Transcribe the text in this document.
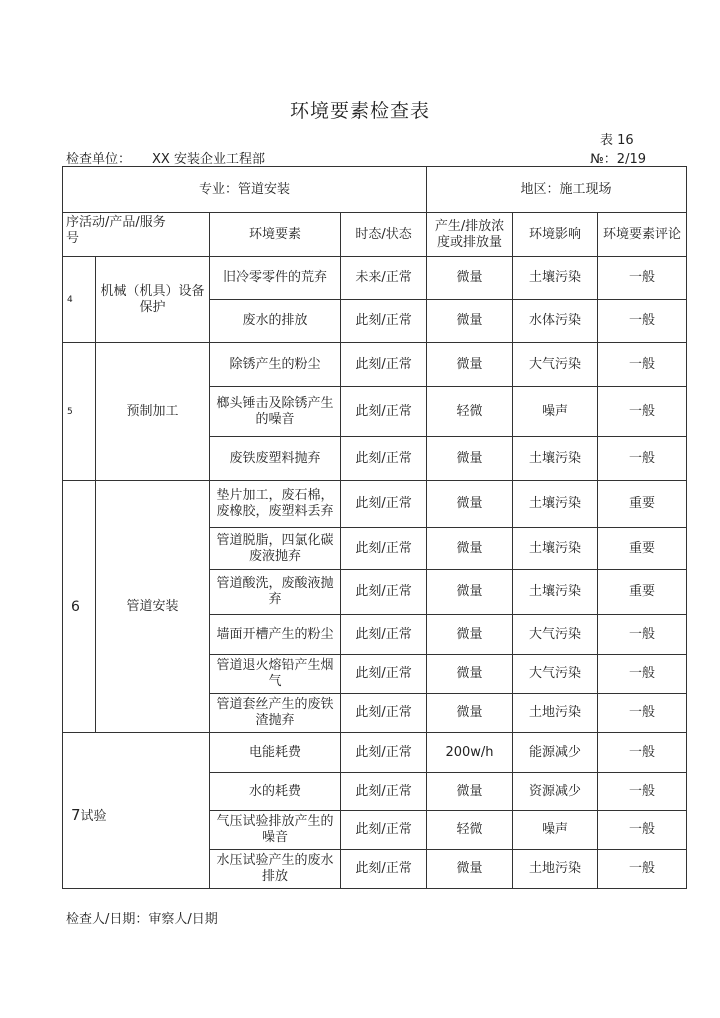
环境要素检查表
表 16
检查单位： XX 安装企业工程部	№：2/19
专业：管道安装				地区：施工现场		

序活动/产品/服务
号		环境要素	时态/状态	产生/排放浓度或排放量	环境影响	环境要素评论
4	机械（机具）设备保护	旧冷零零件的荒弃	未来/正常	微量	土壤污染	一般
		废水的排放	此刻/正常	微量	水体污染	一般
5	预制加工	除锈产生的粉尘	此刻/正常	微量	大气污染	一般
		榔头锤击及除锈产生的噪音	此刻/正常	轻微	噪声	一般
		废铁废塑料抛弃	此刻/正常	微量	土壤污染	一般
6	管道安装	垫片加工，废石棉，废橡胶，废塑料丢弃	此刻/正常	微量	土壤污染	重要
		管道脱脂，四氯化碳废液抛弃	此刻/正常	微量	土壤污染	重要
		管道酸洗，废酸液抛弃	此刻/正常	微量	土壤污染	重要
		墙面开槽产生的粉尘	此刻/正常	微量	大气污染	一般
		管道退火熔铅产生烟气	此刻/正常	微量	大气污染	一般
		管道套丝产生的废铁渣抛弃	此刻/正常	微量	土地污染	一般
7试验		电能耗费	此刻/正常	200w/h	能源减少	一般
		水的耗费	此刻/正常	微量	资源减少	一般
		气压试验排放产生的噪音	此刻/正常	轻微	噪声	一般
		水压试验产生的废水排放	此刻/正常	微量	土地污染	一般
检查人/日期：审察人/日期
